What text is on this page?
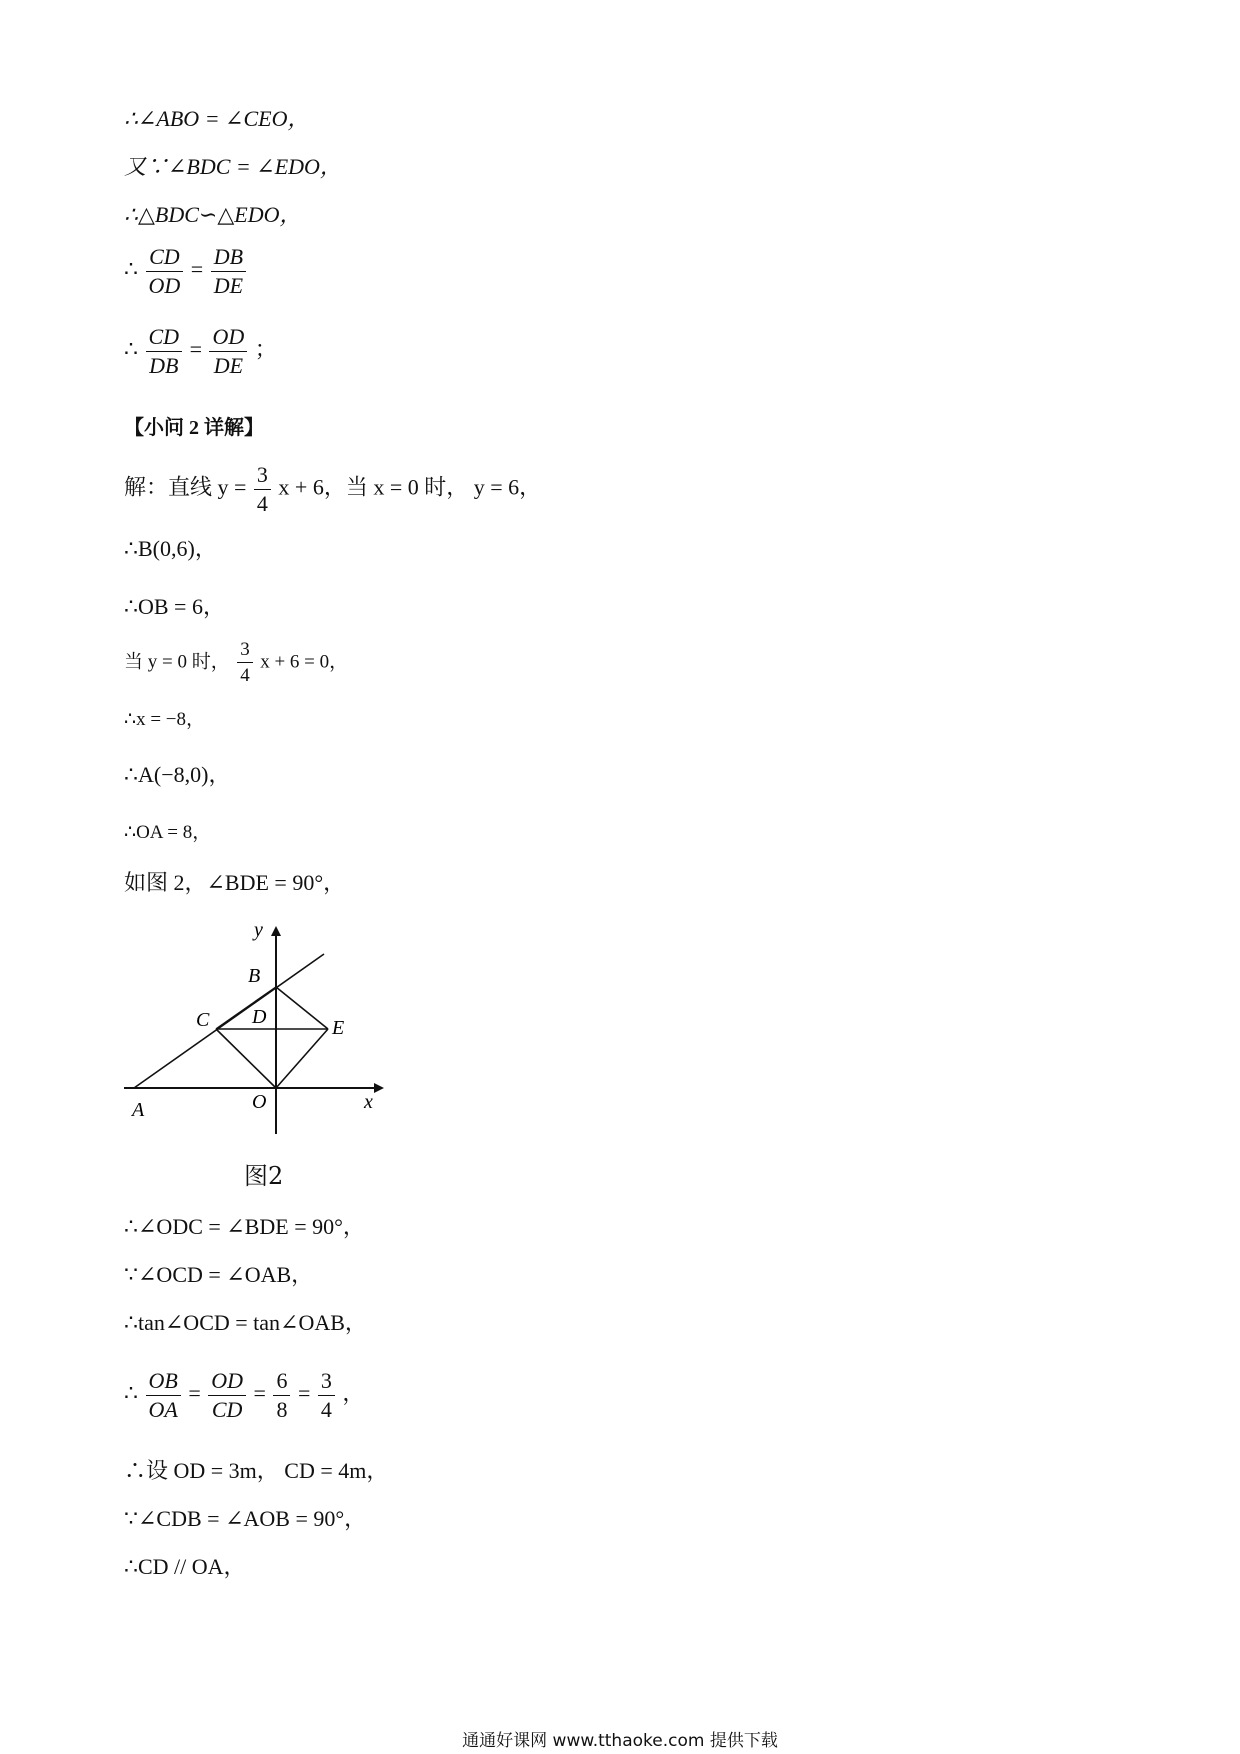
∴∠ABO = ∠CEO，
又∵∠BDC = ∠EDO，
∴△BDC∽△EDO，
∴ $\frac{CD}{OD} = \frac{DB}{DE}$
∴ $\frac{CD}{DB} = \frac{OD}{DE}$ ；
【小问 2 详解】
解：直线 $y = \frac{3}{4}$ x + 6，当 x = 0 时， y = 6，
∴B(0,6)，
∴OB = 6，
当 y = 0 时， $\frac{3}{4}$ x + 6 = 0，
∴x = −8，
∴A(−8,0)，
∴OA = 8，
如图 2，∠BDE = 90°，
y
B
C D	E
O	x
A
图2
∴∠ODC = ∠BDE = 90°，
∵∠OCD = ∠OAB，
∴tan∠OCD = tan∠OAB，
∴ $\frac{OB}{OA} = \frac{OD}{CD} = \frac{6}{8} = \frac{3}{4}$ ，
∴设 OD = 3m， CD = 4m，
∵∠CDB = ∠AOB = 90°，
∴CD // OA，
通通好课网 www.tthaoke.com 提供下载
